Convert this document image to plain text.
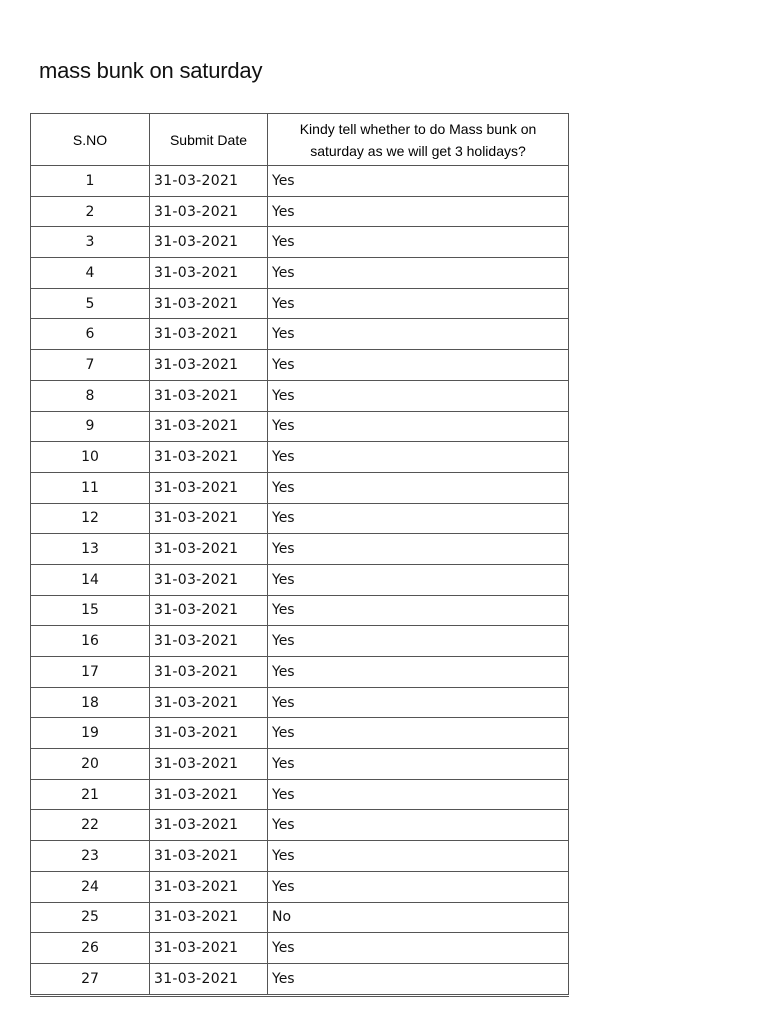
mass bunk on saturday
S.NO	Submit Date	Kindy tell whether to do Mass bunk on saturday as we will get 3 holidays?
1	31-03-2021	Yes
2	31-03-2021	Yes
3	31-03-2021	Yes
4	31-03-2021	Yes
5	31-03-2021	Yes
6	31-03-2021	Yes
7	31-03-2021	Yes
8	31-03-2021	Yes
9	31-03-2021	Yes
10	31-03-2021	Yes
11	31-03-2021	Yes
12	31-03-2021	Yes
13	31-03-2021	Yes
14	31-03-2021	Yes
15	31-03-2021	Yes
16	31-03-2021	Yes
17	31-03-2021	Yes
18	31-03-2021	Yes
19	31-03-2021	Yes
20	31-03-2021	Yes
21	31-03-2021	Yes
22	31-03-2021	Yes
23	31-03-2021	Yes
24	31-03-2021	Yes
25	31-03-2021	No
26	31-03-2021	Yes
27	31-03-2021	Yes
